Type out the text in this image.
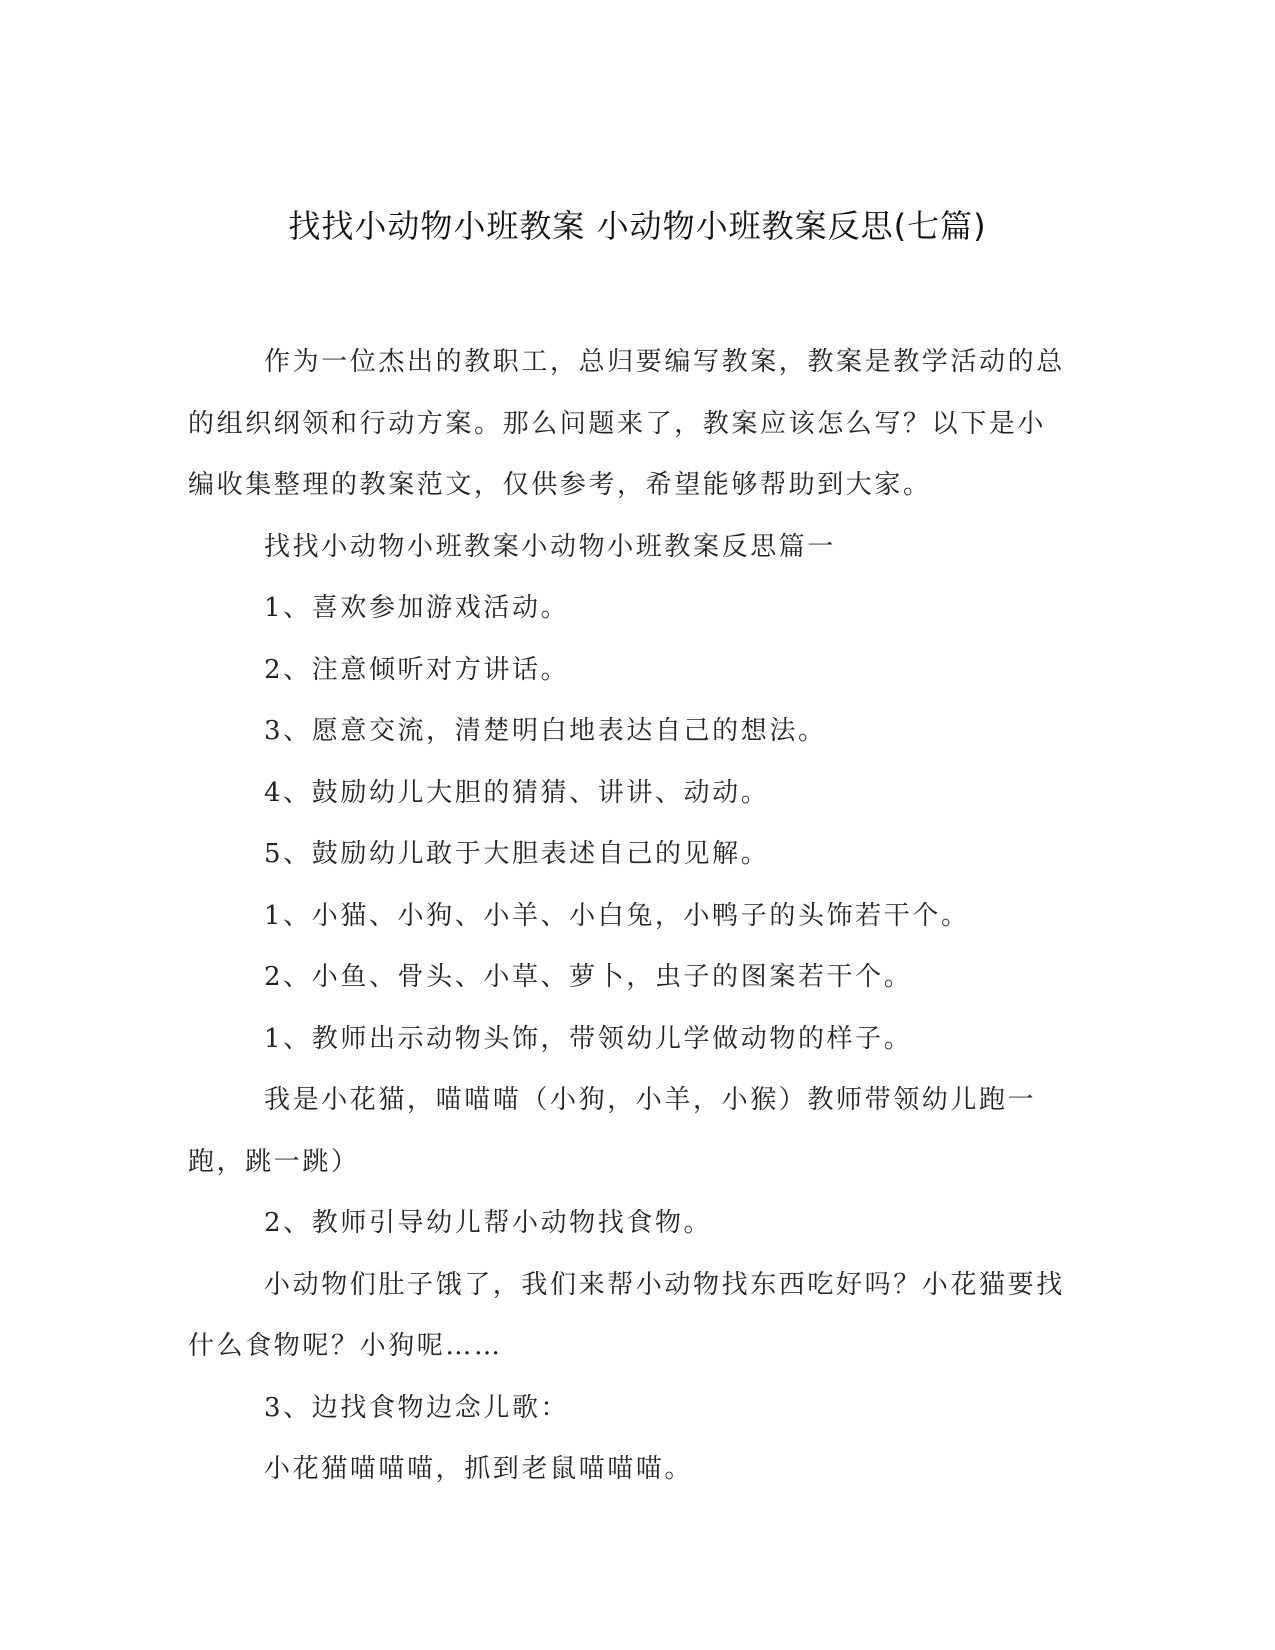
找找小动物小班教案 小动物小班教案反思(七篇)

作为一位杰出的教职工，总归要编写教案，教案是教学活动的总的组织纲领和行动方案。那么问题来了，教案应该怎么写？以下是小编收集整理的教案范文，仅供参考，希望能够帮助到大家。

找找小动物小班教案小动物小班教案反思篇一

1、喜欢参加游戏活动。

2、注意倾听对方讲话。

3、愿意交流，清楚明白地表达自己的想法。

4、鼓励幼儿大胆的猜猜、讲讲、动动。

5、鼓励幼儿敢于大胆表述自己的见解。

1、小猫、小狗、小羊、小白兔，小鸭子的头饰若干个。

2、小鱼、骨头、小草、萝卜，虫子的图案若干个。

1、教师出示动物头饰，带领幼儿学做动物的样子。

我是小花猫，喵喵喵（小狗，小羊，小猴）教师带领幼儿跑一跑，跳一跳）

2、教师引导幼儿帮小动物找食物。

小动物们肚子饿了，我们来帮小动物找东西吃好吗？小花猫要找什么食物呢？小狗呢……

3、边找食物边念儿歌：

小花猫喵喵喵，抓到老鼠喵喵喵。
